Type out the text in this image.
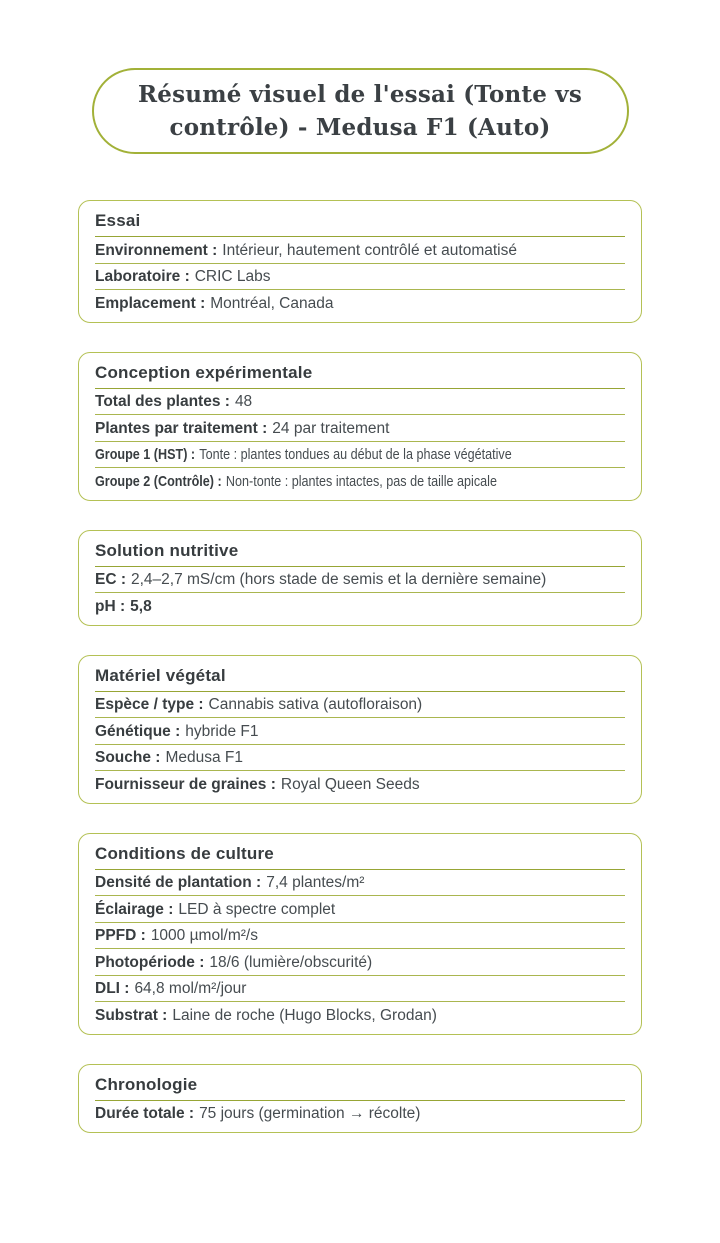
Résumé visuel de l'essai (Tonte vs contrôle) - Medusa F1 (Auto)
Essai
Environnement : Intérieur, hautement contrôlé et automatisé
Laboratoire : CRIC Labs
Emplacement : Montréal, Canada
Conception expérimentale
Total des plantes : 48
Plantes par traitement : 24 par traitement
Groupe 1 (HST) : Tonte : plantes tondues au début de la phase végétative
Groupe 2 (Contrôle) : Non-tonte : plantes intactes, pas de taille apicale
Solution nutritive
EC : 2,4–2,7 mS/cm (hors stade de semis et la dernière semaine)
pH : 5,8
Matériel végétal
Espèce / type : Cannabis sativa (autofloraison)
Génétique : hybride F1
Souche : Medusa F1
Fournisseur de graines : Royal Queen Seeds
Conditions de culture
Densité de plantation : 7,4 plantes/m²
Éclairage : LED à spectre complet
PPFD : 1000 µmol/m²/s
Photopériode : 18/6 (lumière/obscurité)
DLI : 64,8 mol/m²/jour
Substrat : Laine de roche (Hugo Blocks, Grodan)
Chronologie
Durée totale : 75 jours (germination → récolte)
